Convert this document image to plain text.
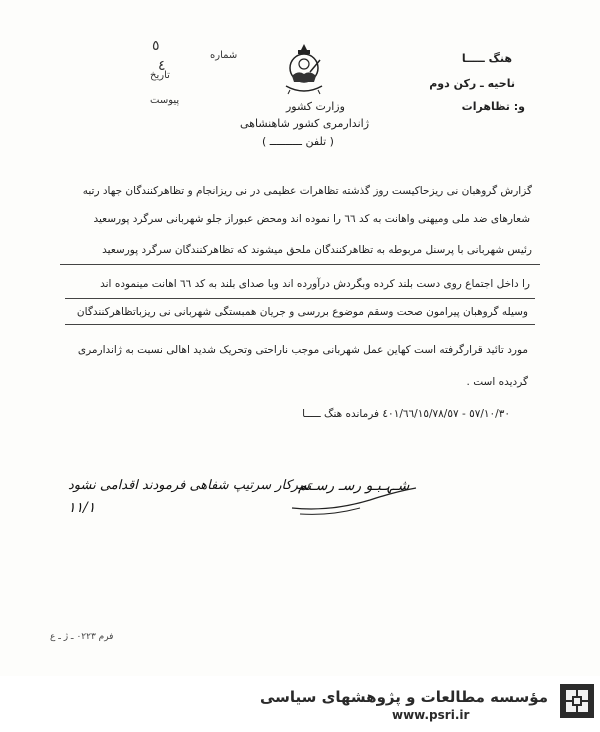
شماره
تاریخ
پیوست
٥
٤	هنگ ـــــا
ناحیه ـ رکن دوم
و: تظاهرات
وزارت کشور
ژاندارمری کشور شاهنشاهی
( تلفن ــــــــــ )
گزارش گروهبان نی ریزحاکیست روز گذشته تظاهرات عظیمی در نی ریزانجام و تظاهرکنندگان جهاد رتبه
شعارهای ضد ملی ومیهنی واهانت به کد ٦٦ را نموده اند ومحض عبوراز جلو شهربانی سرگرد پورسعید
رئیس شهربانی با پرسنل مربوطه به تظاهرکنندگان ملحق میشوند که تظاهرکنندگان سرگرد پورسعید
را داخل اجتماع روی دست بلند کرده وبگردش درآورده اند وبا صدای بلند به کد ٦٦ اهانت مینموده اند
وسیله گروهبان پیرامون صحت وسقم موضوع بررسی و جریان همبستگی شهربانی نی ریزباتظاهرکنندگان
مورد تائید قرارگرفته است کهاین عمل شهربانی موجب ناراحتی وتحریک شدید اهالی نسبت به ژاندارمری
گردیده است .
٥٧/١٠/٣٠ - ٤٠١/٦٦/١٥/٧٨/٥٧ فرمانده هنگ ـــــا
شـہـبـو رسـ رسـتم
سرکار سرتیپ شفاهی فرمودند اقدامی نشود
١١/١
فرم ٠٢٢٣ ـ ژ ـ ع
مؤسسه مطالعات و پژوهشهای سیاسی
www.psri.ir
